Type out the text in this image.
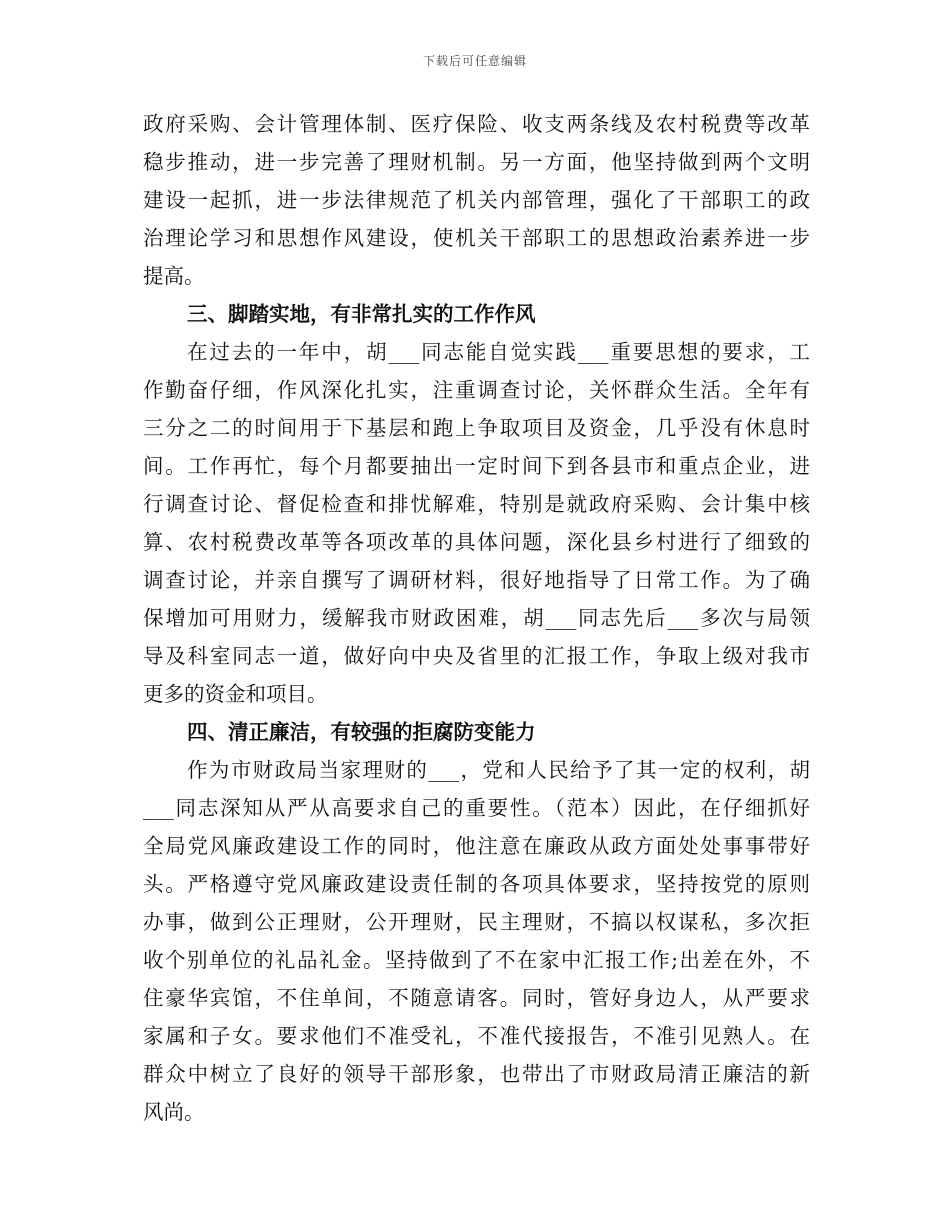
下载后可任意编辑
政府采购、会计管理体制、医疗保险、收支两条线及农村税费等改革
稳步推动，进一步完善了理财机制。另一方面，他坚持做到两个文明
建设一起抓，进一步法律规范了机关内部管理，强化了干部职工的政
治理论学习和思想作风建设，使机关干部职工的思想政治素养进一步
提高。
三、脚踏实地，有非常扎实的工作作风
在过去的一年中，胡___同志能自觉实践___重要思想的要求，工
作勤奋仔细，作风深化扎实，注重调查讨论，关怀群众生活。全年有
三分之二的时间用于下基层和跑上争取项目及资金，几乎没有休息时
间。工作再忙，每个月都要抽出一定时间下到各县市和重点企业，进
行调查讨论、督促检查和排忧解难，特别是就政府采购、会计集中核
算、农村税费改革等各项改革的具体问题，深化县乡村进行了细致的
调查讨论，并亲自撰写了调研材料，很好地指导了日常工作。为了确
保增加可用财力，缓解我市财政困难，胡___同志先后___多次与局领
导及科室同志一道，做好向中央及省里的汇报工作，争取上级对我市
更多的资金和项目。
四、清正廉洁，有较强的拒腐防变能力
作为市财政局当家理财的___，党和人民给予了其一定的权利，胡
___同志深知从严从高要求自己的重要性。（范本）因此，在仔细抓好
全局党风廉政建设工作的同时，他注意在廉政从政方面处处事事带好
头。严格遵守党风廉政建设责任制的各项具体要求，坚持按党的原则
办事，做到公正理财，公开理财，民主理财，不搞以权谋私，多次拒
收个别单位的礼品礼金。坚持做到了不在家中汇报工作;出差在外，不
住豪华宾馆，不住单间，不随意请客。同时，管好身边人，从严要求
家属和子女。要求他们不准受礼，不准代接报告，不准引见熟人。在
群众中树立了良好的领导干部形象，也带出了市财政局清正廉洁的新
风尚。
